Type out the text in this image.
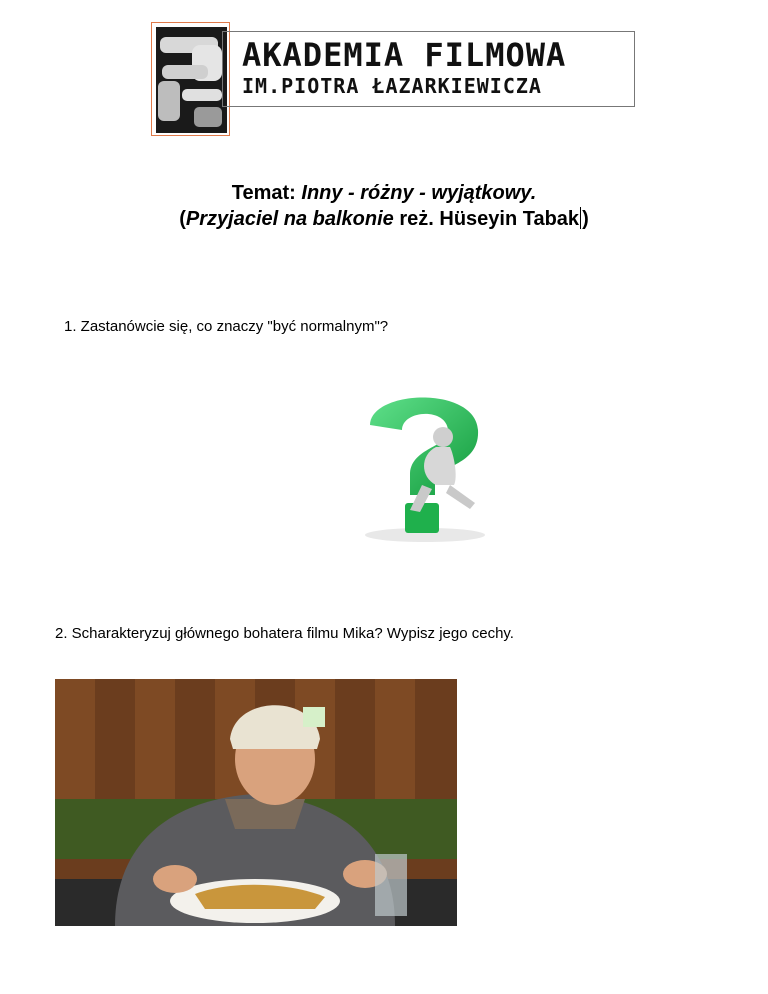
AKADEMIA FILMOWA
IM.PIOTRA ŁAZARKIEWICZA
Temat: Inny - różny - wyjątkowy.
(Przyjaciel na balkonie reż. Hüseyin Tabak )
1. Zastanówcie się, co znaczy "być normalnym"?
2. Scharakteryzuj głównego bohatera filmu Mika? Wypisz jego cechy.
